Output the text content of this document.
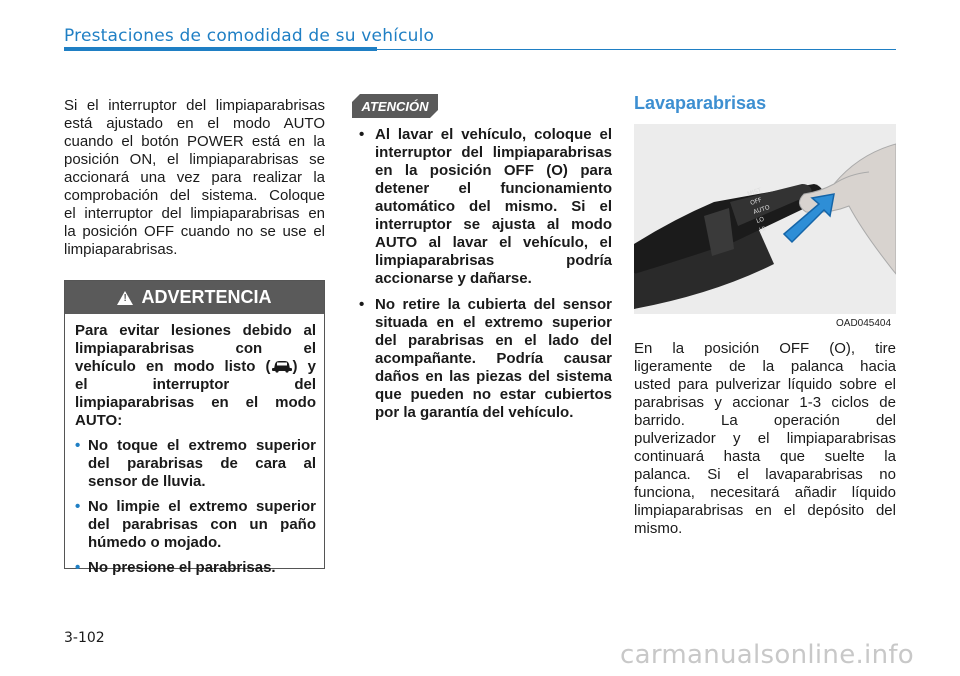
Prestaciones de comodidad de su vehículo
Si el interruptor del limpiaparabrisas
está ajustado en el modo AUTO
cuando el botón POWER está en la
posición ON, el limpiaparabrisas se
accionará una vez para realizar la
comprobación del sistema. Coloque
el interruptor del limpiaparabrisas en
la posición OFF cuando no se use el
limpiaparabrisas.
!
ADVERTENCIA
Para evitar lesiones debido al
limpiaparabrisas con el
vehículo en modo listo ( ) y
el interruptor del
limpiaparabrisas en el modo
AUTO:
• No toque el extremo superior
del parabrisas de cara al
sensor de lluvia.
• No limpie el extremo superior
del parabrisas con un paño
húmedo o mojado.
• No presione el parabrisas.
ATENCIÓN
• Al lavar el vehículo, coloque el
interruptor del limpiaparabrisas
en la posición OFF (O) para
detener el funcionamiento
automático del mismo. Si el
interruptor se ajusta al modo
AUTO al lavar el vehículo, el
limpiaparabrisas podría
accionarse y dañarse.
• No retire la cubierta del sensor
situada en el extremo superior
del parabrisas en el lado del
acompañante. Podría causar
daños en las piezas del sistema
que pueden no estar cubiertos
por la garantía del vehículo.
Lavaparabrisas
MIST
OFF
AUTO
LO
HI
OAD045404
En la posición OFF (O), tire
ligeramente de la palanca hacia
usted para pulverizar líquido sobre el
parabrisas y accionar 1-3 ciclos de
barrido. La operación del
pulverizador y el limpiaparabrisas
continuará hasta que suelte la
palanca. Si el lavaparabrisas no
funciona, necesitará añadir líquido
limpiaparabrisas en el depósito del
mismo.
3-102
carmanualsonline.info
